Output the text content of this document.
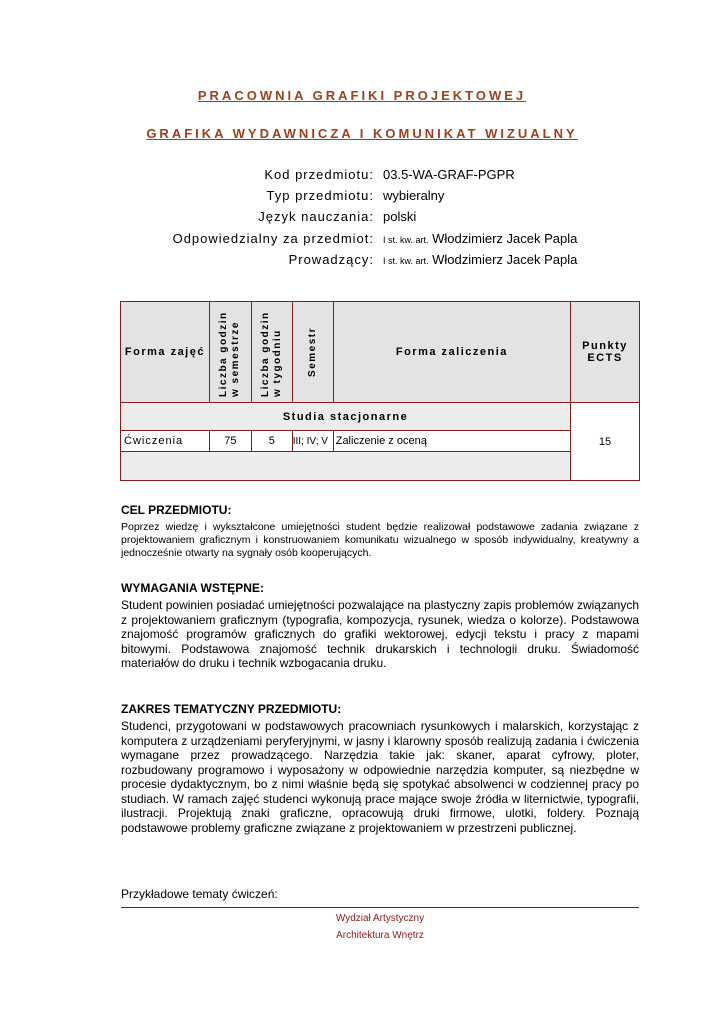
PRACOWNIA GRAFIKI PROJEKTOWEJ
GRAFIKA WYDAWNICZA I KOMUNIKAT WIZUALNY
Kod przedmiotu: 03.5-WA-GRAF-PGPR
Typ przedmiotu: wybieralny
Język nauczania: polski
Odpowiedzialny za przedmiot: I st. kw. art. Włodzimierz Jacek Papla
Prowadzący: I st. kw. art. Włodzimierz Jacek Papla
Forma zajęć	Liczba godzin w semestrze	Liczba godzin w tygodniu	Semestr	Forma zaliczenia	Punkty ECTS
Studia stacjonarne					15
Ćwiczenia	75	5	III; IV; V	Zaliczenie z oceną	

CEL PRZEDMIOTU:
Poprzez wiedzę i wykształcone umiejętności student będzie realizował podstawowe zadania związane z projektowaniem graficznym i konstruowaniem komunikatu wizualnego w sposób indywidualny, kreatywny a jednocześnie otwarty na sygnały osób kooperujących.
WYMAGANIA WSTĘPNE:
Student powinien posiadać umiejętności pozwalające na plastyczny zapis problemów związanych z projektowaniem graficznym (typografia, kompozycja, rysunek, wiedza o kolorze). Podstawowa znajomość programów graficznych do grafiki wektorowej, edycji tekstu i pracy z mapami bitowymi. Podstawowa znajomość technik drukarskich i technologii druku. Świadomość materiałów do druku i technik wzbogacania druku.
ZAKRES TEMATYCZNY PRZEDMIOTU:
Studenci, przygotowani w podstawowych pracowniach rysunkowych i malarskich, korzystając z komputera z urządzeniami peryferyjnymi, w jasny i klarowny sposób realizują zadania i ćwiczenia wymagane przez prowadzącego. Narzędzia takie jak: skaner, aparat cyfrowy, ploter, rozbudowany programowo i wyposażony w odpowiednie narzędzia komputer, są niezbędne w procesie dydaktycznym, bo z nimi właśnie będą się spotykać absolwenci w codziennej pracy po studiach. W ramach zajęć studenci wykonują prace mające swoje źródła w liternictwie, typografii, ilustracji. Projektują znaki graficzne, opracowują druki firmowe, ulotki, foldery. Poznają podstawowe problemy graficzne związane z projektowaniem w przestrzeni publicznej.
Przykładowe tematy ćwiczeń:
Wydział Artystyczny
Architektura Wnętrz
